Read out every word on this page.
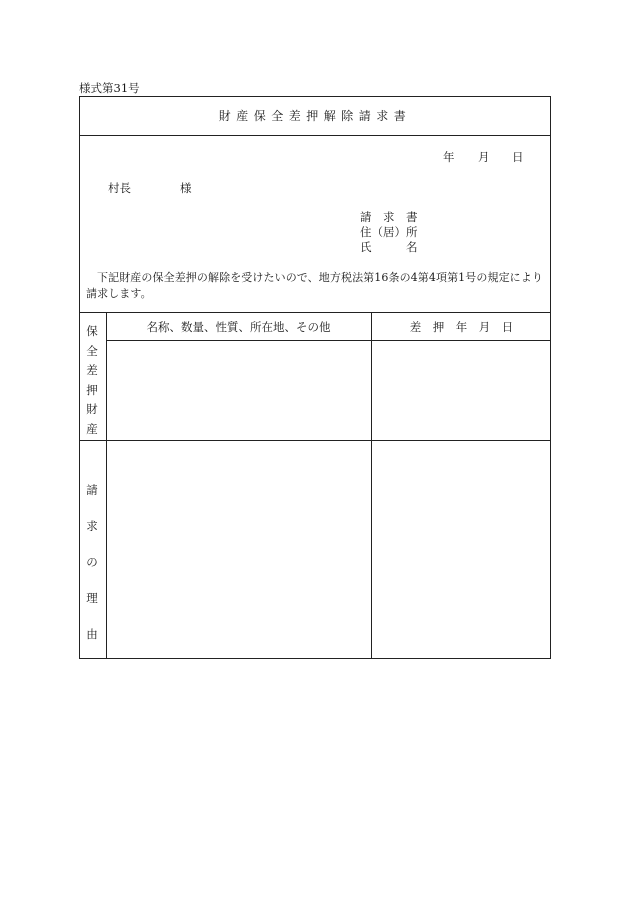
様式第31号
財産保全差押解除請求書
年 月 日
村長	様
請　求　書
住（居）所
氏　　　名
下記財産の保全差押の解除を受けたいので、地方税法第16条の4第4項第1号の規定により請求します。
名称、数量、性質、所在地、その他	差　押　年　月　日
保
全
差
押
財
産
請
求
の
理
由
